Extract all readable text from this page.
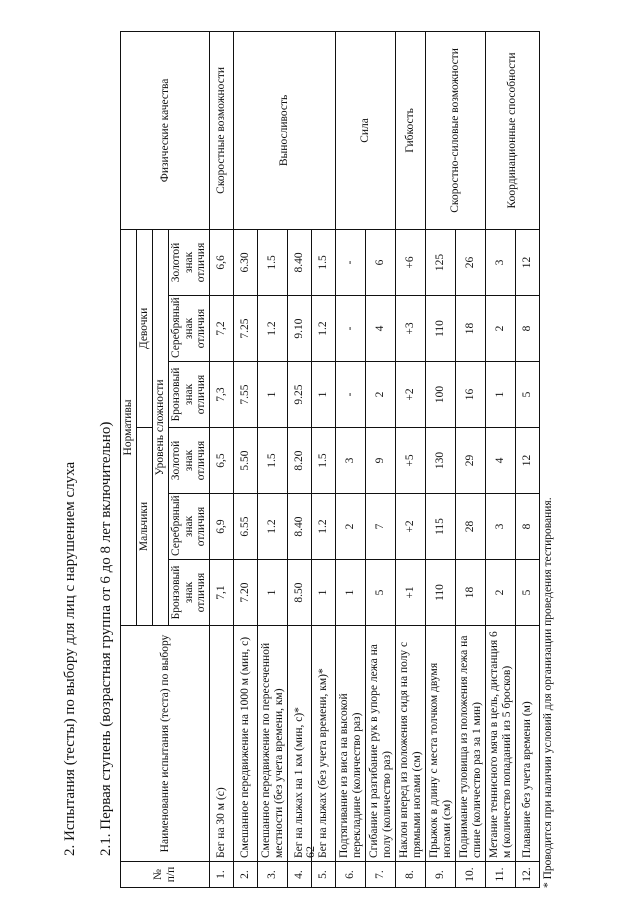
62
2. Испытания (тесты) по выбору для лиц с нарушением слуха 2.1. Первая ступень (возрастная группа от 6 до 8 лет включительно)
№ п/п	Наименование испытания (теста) по выбору	Нормативы						Физические качества
		Мальчики			Девочки			
		Уровень сложности						
		Бронзовый знак отличия	Серебряный знак отличия	Золотой знак отличия	Бронзовый знак отличия	Серебряный знак отличия	Золотой знак отличия	
1.	Бег на 30 м (с)	7,1	6,9	6,5	7,3	7,2	6,6	Скоростные возможности
2.	Смешанное передвижение на 1000 м (мин, с)	7.20	6.55	5.50	7.55	7.25	6.30	Выносливость
3.	Смешанное передвижение по пересеченной местности (без учета времени, км)	1	1.2	1.5	1	1.2	1.5	
4.	Бег на лыжах на 1 км (мин, с)*	8.50	8.40	8.20	9.25	9.10	8.40	
5.	Бег на лыжах (без учета времени, км)*	1	1.2	1.5	1	1.2	1.5	
6.	Подтягивание из виса на высокой перекладине (количество раз)	1	2	3	-	-	-	Сила
7.	Сгибание и разгибание рук в упоре лежа на полу (количество раз)	5	7	9	2	4	6	
8.	Наклон вперед из положения сидя на полу с прямыми ногами (см)	+1	+2	+5	+2	+3	+6	Гибкость
9.	Прыжок в длину с места толчком двумя ногами (см)	110	115	130	100	110	125	Скоростно-силовые возможности
10.	Поднимание туловища из положения лежа на спине (количество раз за 1 мин)	18	28	29	16	18	26	
11.	Метание теннисного мяча в цель, дистанция 6 м (количество попаданий из 5 бросков)	2	3	4	1	2	3	Координационные способности
12.	Плавание без учета времени (м)	5	8	12	5	8	12	
* Проводится при наличии условий для организации проведения тестирования.
